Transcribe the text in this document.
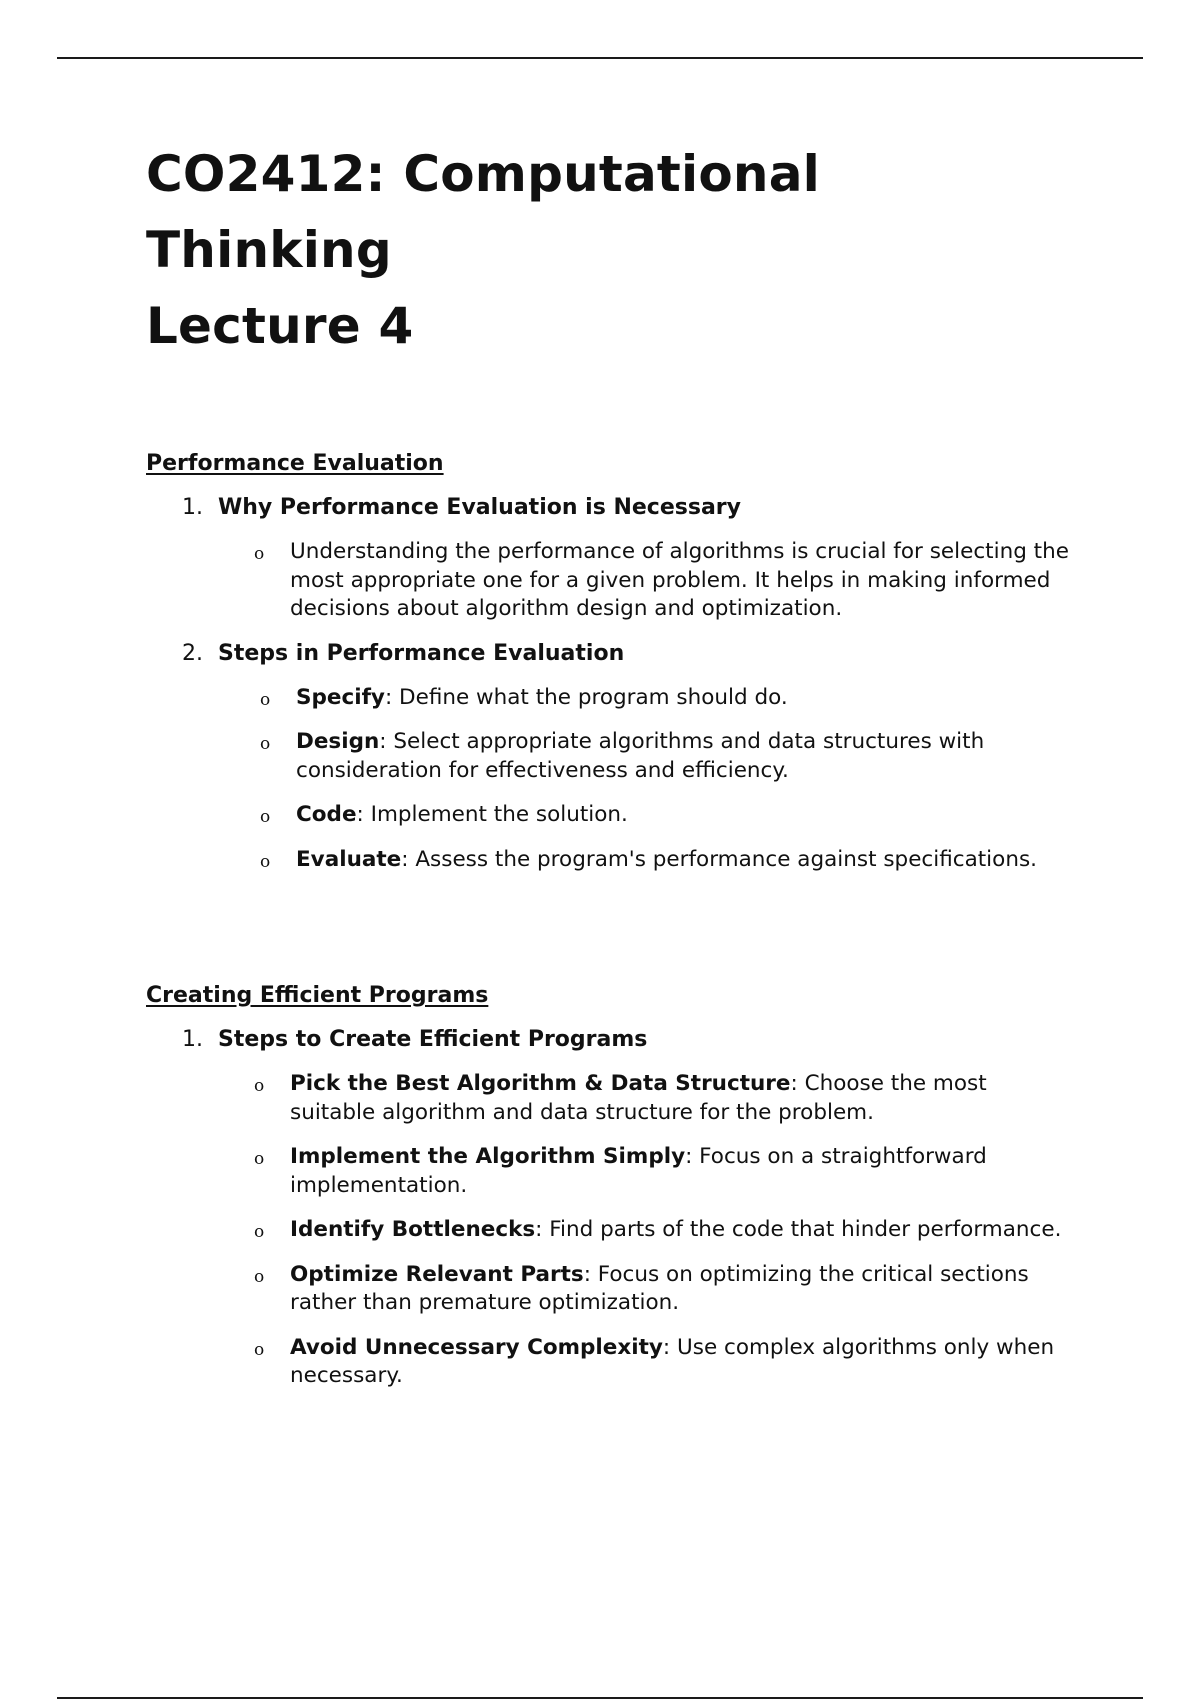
CO2412: Computational Thinking
Lecture 4
Performance Evaluation
1. Why Performance Evaluation is Necessary
o Understanding the performance of algorithms is crucial for selecting the most appropriate one for a given problem. It helps in making informed decisions about algorithm design and optimization.
2. Steps in Performance Evaluation
o Specify: Define what the program should do.
o Design: Select appropriate algorithms and data structures with consideration for effectiveness and efficiency.
o Code: Implement the solution.
o Evaluate: Assess the program's performance against specifications.
Creating Efficient Programs
1. Steps to Create Efficient Programs
o Pick the Best Algorithm & Data Structure: Choose the most suitable algorithm and data structure for the problem.
o Implement the Algorithm Simply: Focus on a straightforward implementation.
o Identify Bottlenecks: Find parts of the code that hinder performance.
o Optimize Relevant Parts: Focus on optimizing the critical sections rather than premature optimization.
o Avoid Unnecessary Complexity: Use complex algorithms only when necessary.
